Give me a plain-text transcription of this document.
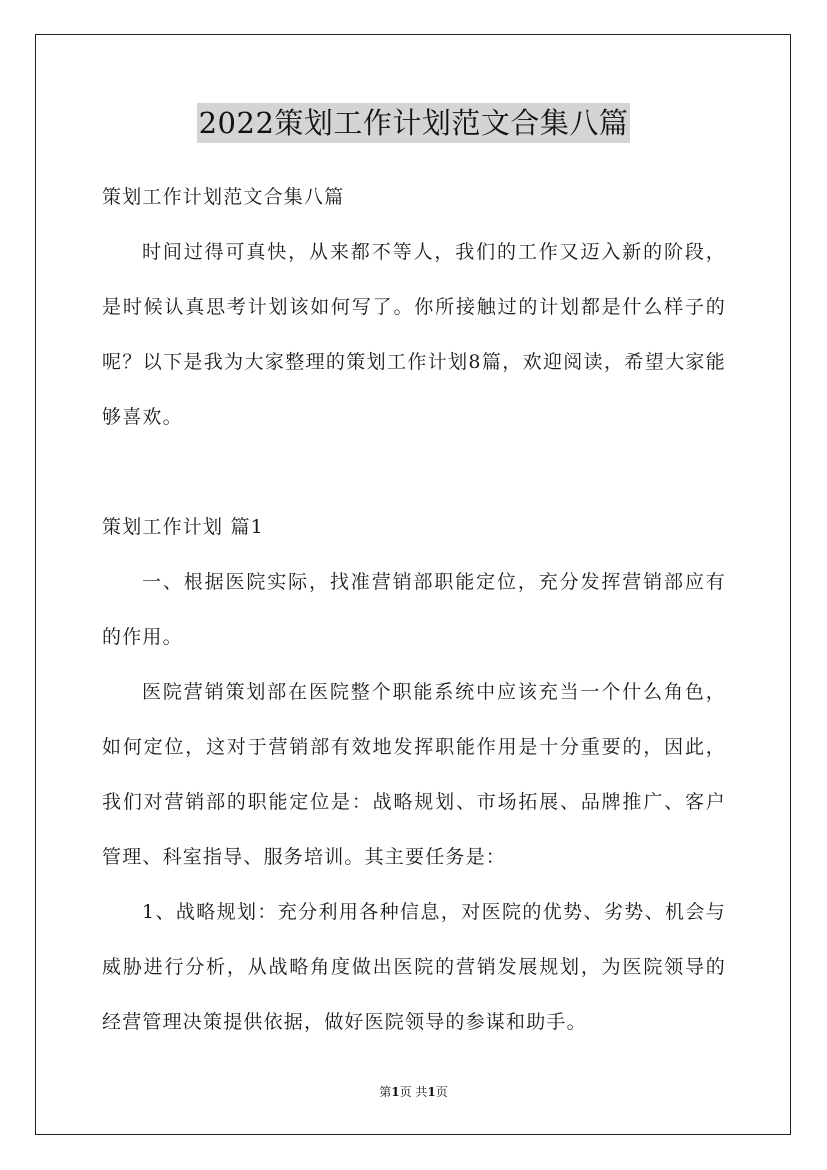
2022策划工作计划范文合集八篇

策划工作计划范文合集八篇

时间过得可真快，从来都不等人，我们的工作又迈入新的阶段，是时候认真思考计划该如何写了。你所接触过的计划都是什么样子的呢？以下是我为大家整理的策划工作计划8篇，欢迎阅读，希望大家能够喜欢。

策划工作计划 篇1

一、根据医院实际，找准营销部职能定位，充分发挥营销部应有的作用。

医院营销策划部在医院整个职能系统中应该充当一个什么角色，如何定位，这对于营销部有效地发挥职能作用是十分重要的，因此，我们对营销部的职能定位是：战略规划、市场拓展、品牌推广、客户管理、科室指导、服务培训。其主要任务是：

1、战略规划：充分利用各种信息，对医院的优势、劣势、机会与威胁进行分析，从战略角度做出医院的营销发展规划，为医院领导的经营管理决策提供依据，做好医院领导的参谋和助手。

第1页 共1页
